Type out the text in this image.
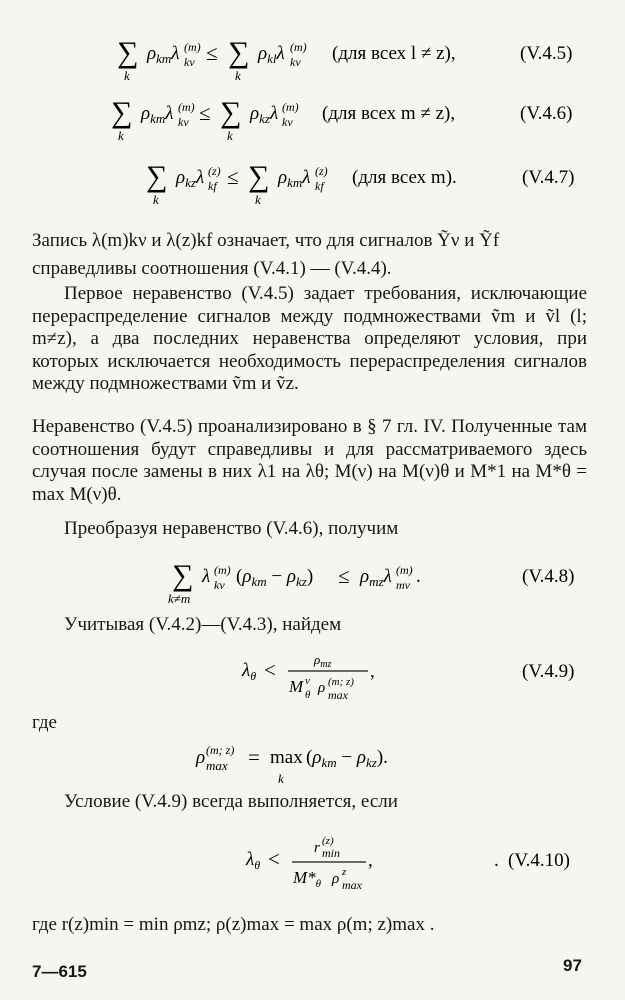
∑
k
$\rho_{km}\lambda$ (m)
kν ≤ ∑
k
$\rho_{kl}\lambda$ (m)
kν (для всех l ≠ z),	(V.4.5)
∑
k
$\rho_{km}\lambda$ (m)
kν ≤ ∑
k
$\rho_{kz}\lambda$ (m)
kν (для всех m ≠ z),	(V.4.6)
∑
k
$\rho_{kz}\lambda$ (z)
kf ≤ ∑
k
$\rho_{km}\lambda$ (z)
kf (для всех m).	(V.4.7)
Запись λ(m)kν и λ(z)kf означает, что для сигналов Ỹν и Ỹf
справедливы соотношения (V.4.1) — (V.4.4).
Первое неравенство (V.4.5) задает требования, исключающие перераспределение сигналов между подмножествами ṽm и ṽl (l; m≠z), а два последних неравенства определяют условия, при которых исключается необходимость перераспределения сигналов между подмножествами ṽm и ṽz.
Неравенство (V.4.5) проанализировано в § 7 гл. IV. Полученные там соотношения будут справедливы и для рассматриваемого здесь случая после замены в них λ1 на λθ; M(ν) на M(ν)θ и M*1 на M*θ = max M(ν)θ.
Преобразуя неравенство (V.4.6), получим
∑
k≠m
λ (m)
kν $(\rho_{km} - \rho_{kz}) \le \rho_{mz}\lambda$ (m)
mν .	(V.4.8)
Учитывая (V.4.2)—(V.4.3), найдем
$\lambda_\theta$ <	$\rho_{mz}$
M ν
θ ρ (m; z)
max
,	(V.4.9)
где
ρ (m; z)
max = max
k
$(\rho_{km} - \rho_{kz})$.
Условие (V.4.9) всегда выполняется, если
$\lambda_\theta < r$ (z)
min
$M*_\theta$ ρ z
max
,	. (V.4.10)
где r(z)min = min ρmz; ρ(z)max = max ρ(m; z)max .
7—615	97
